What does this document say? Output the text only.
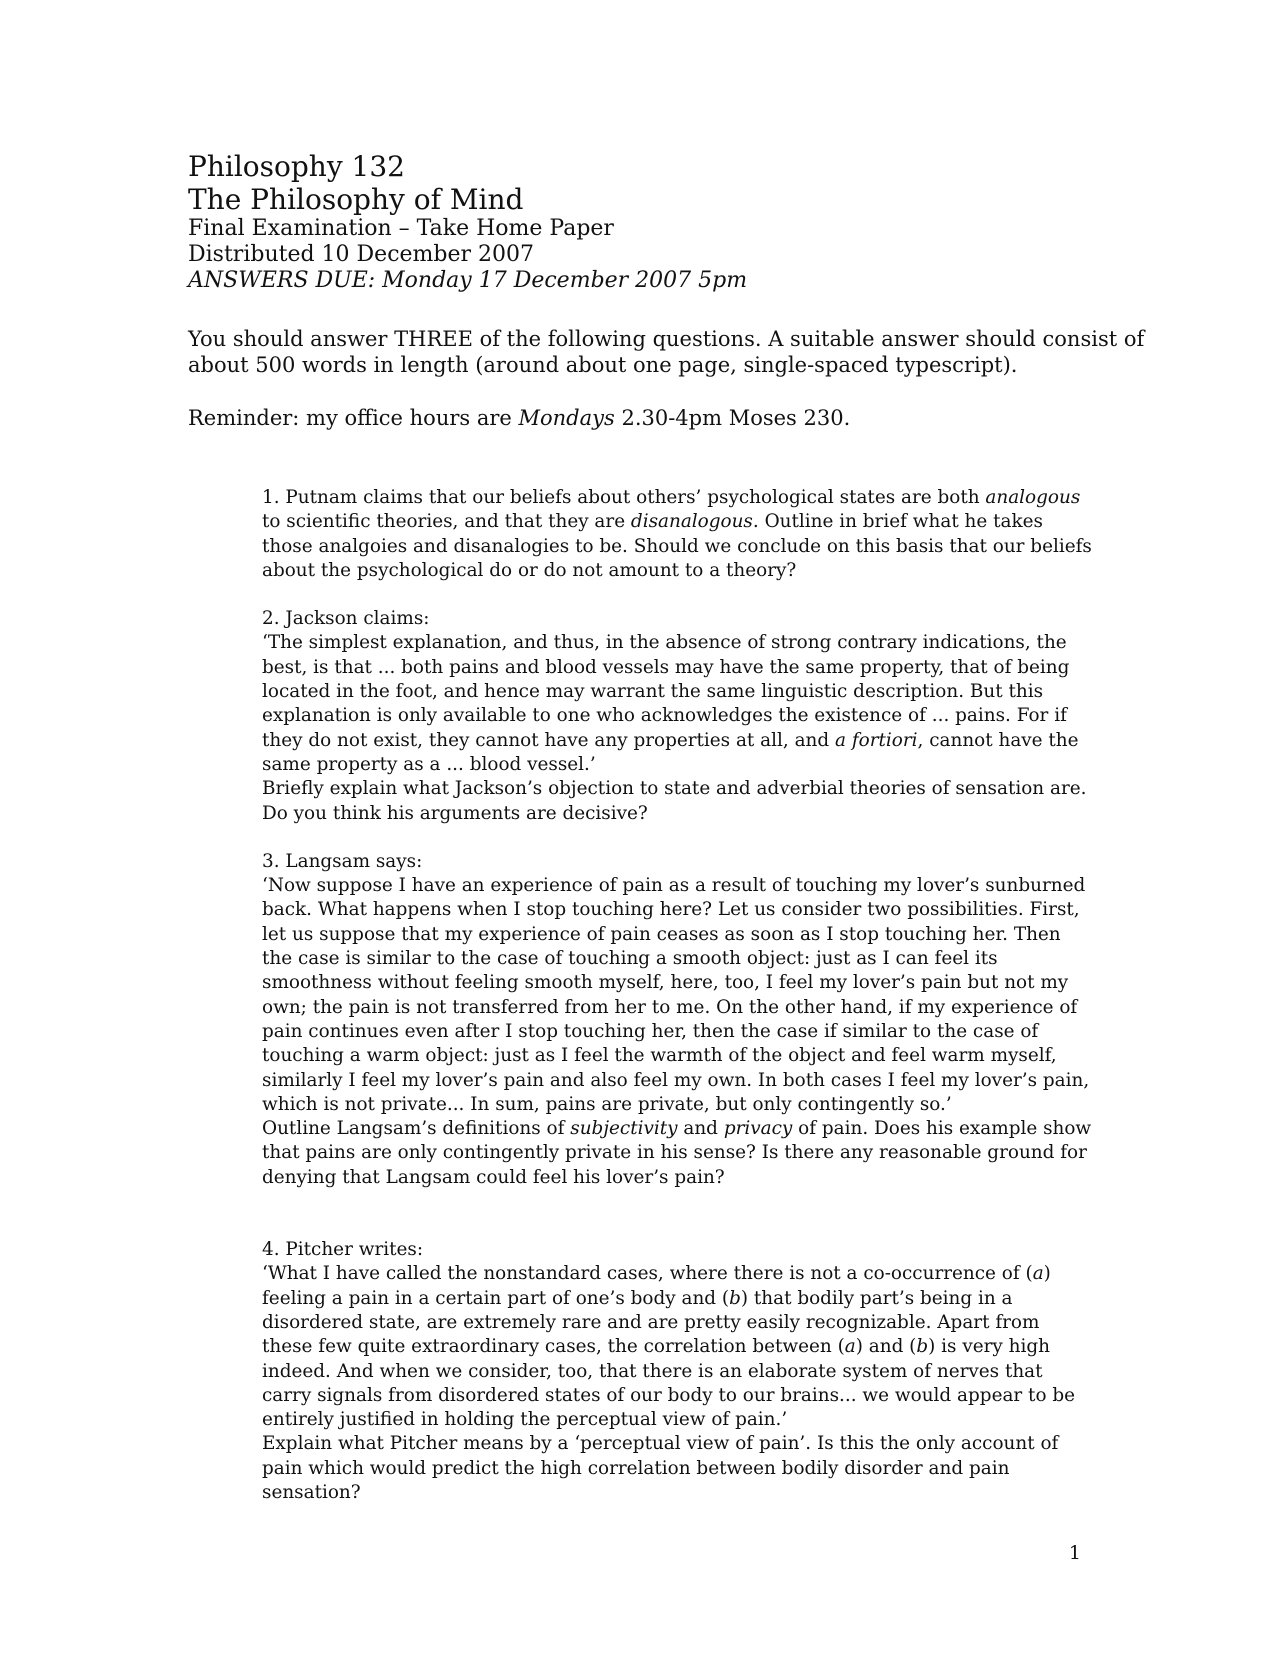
Philosophy 132
The Philosophy of Mind
Final Examination – Take Home Paper
Distributed 10 December 2007
ANSWERS DUE: Monday 17 December 2007 5pm

You should answer THREE of the following questions. A suitable answer should consist of about 500 words in length (around about one page, single-spaced typescript).

Reminder: my office hours are Mondays 2.30-4pm Moses 230.

1. Putnam claims that our beliefs about others’ psychological states are both analogous to scientific theories, and that they are disanalogous. Outline in brief what he takes those analgoies and disanalogies to be. Should we conclude on this basis that our beliefs about the psychological do or do not amount to a theory?

2. Jackson claims:

‘The simplest explanation, and thus, in the absence of strong contrary indications, the best, is that ... both pains and blood vessels may have the same property, that of being located in the foot, and hence may warrant the same linguistic description. But this explanation is only available to one who acknowledges the existence of ... pains. For if they do not exist, they cannot have any properties at all, and a fortiori, cannot have the same property as a ... blood vessel.’

Briefly explain what Jackson’s objection to state and adverbial theories of sensation are. Do you think his arguments are decisive?

3. Langsam says:

‘Now suppose I have an experience of pain as a result of touching my lover’s sunburned back. What happens when I stop touching here? Let us consider two possibilities. First, let us suppose that my experience of pain ceases as soon as I stop touching her. Then the case is similar to the case of touching a smooth object: just as I can feel its smoothness without feeling smooth myself, here, too, I feel my lover’s pain but not my own; the pain is not transferred from her to me. On the other hand, if my experience of pain continues even after I stop touching her, then the case if similar to the case of touching a warm object: just as I feel the warmth of the object and feel warm myself, similarly I feel my lover’s pain and also feel my own. In both cases I feel my lover’s pain, which is not private... In sum, pains are private, but only contingently so.’

Outline Langsam’s definitions of subjectivity and privacy of pain. Does his example show that pains are only contingently private in his sense? Is there any reasonable ground for denying that Langsam could feel his lover’s pain?

4. Pitcher writes:

‘What I have called the nonstandard cases, where there is not a co-occurrence of (a) feeling a pain in a certain part of one’s body and (b) that bodily part’s being in a disordered state, are extremely rare and are pretty easily recognizable. Apart from these few quite extraordinary cases, the correlation between (a) and (b) is very high indeed. And when we consider, too, that there is an elaborate system of nerves that carry signals from disordered states of our body to our brains... we would appear to be entirely justified in holding the perceptual view of pain.’

Explain what Pitcher means by a ‘perceptual view of pain’. Is this the only account of pain which would predict the high correlation between bodily disorder and pain sensation?

1
